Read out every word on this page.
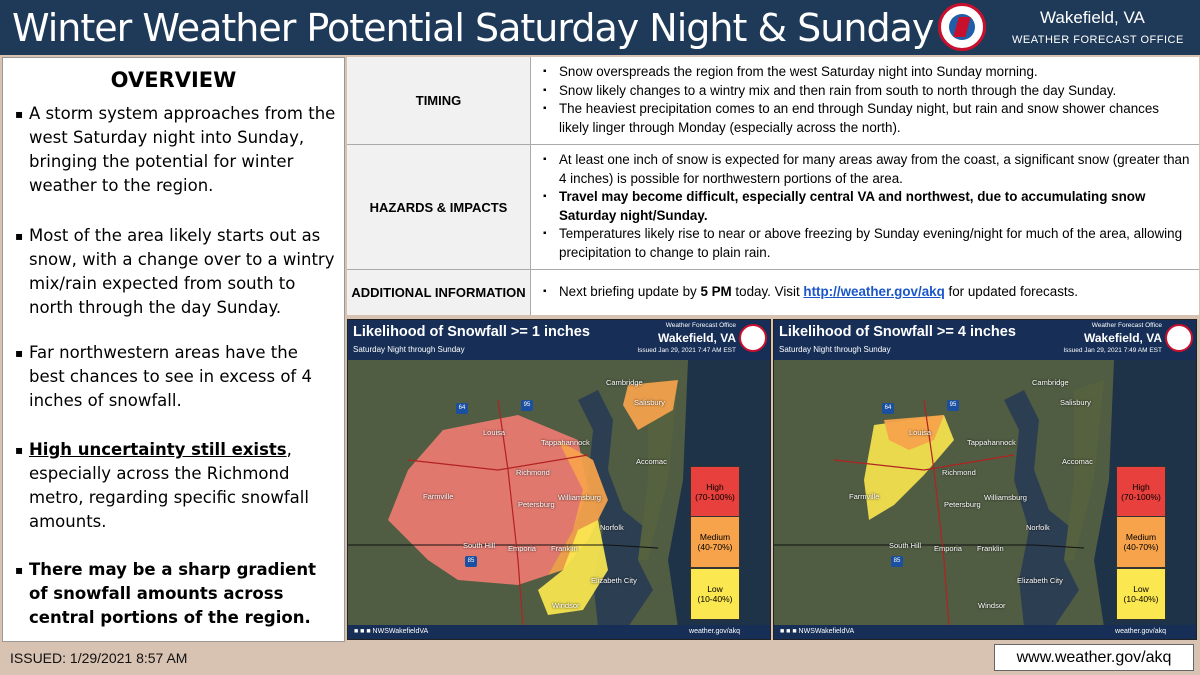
Winter Weather Potential Saturday Night & Sunday	Wakefield, VA
WEATHER FORECAST OFFICE
OVERVIEW
▪ A storm system approaches from the west Saturday night into Sunday, bringing the potential for winter weather to the region.
▪ Most of the area likely starts out as snow, with a change over to a wintry mix/rain expected from south to north through the day Sunday.
▪ Far northwestern areas have the best chances to see in excess of 4 inches of snowfall.
▪ High uncertainty still exists, especially across the Richmond metro, regarding specific snowfall amounts.
▪ There may be a sharp gradient of snowfall amounts across central portions of the region.
TIMING
▪ Snow overspreads the region from the west Saturday night into Sunday morning.
▪ Snow likely changes to a wintry mix and then rain from south to north through the day Sunday.
▪ The heaviest precipitation comes to an end through Sunday night, but rain and snow shower chances likely linger through Monday (especially across the north).
HAZARDS & IMPACTS
▪ At least one inch of snow is expected for many areas away from the coast, a significant snow (greater than 4 inches) is possible for northwestern portions of the area.
▪ Travel may become difficult, especially central VA and northwest, due to accumulating snow Saturday night/Sunday.
▪ Temperatures likely rise to near or above freezing by Sunday evening/night for much of the area, allowing precipitation to change to plain rain.
ADDITIONAL INFORMATION	▪ Next briefing update by 5 PM today. Visit http://weather.gov/akq for updated forecasts.
Likelihood of Snowfall >= 1 inches
Saturday Night through Sunday
Weather Forecast Office
Wakefield, VA
Issued Jan 29, 2021 7:47 AM EST
64	95
85
Cambridge
Salisbury
Louisa
Tappahannock
Accomac
Richmond
Farmville
Petersburg
Williamsburg
Norfolk
South Hill Emporia Franklin
Elizabeth City
Windsor
High
(70-100%)
Medium
(40-70%)
Low
(10-40%)
■ ■ ■ NWSWakefieldVA	weather.gov/akq
Likelihood of Snowfall >= 4 inches
Saturday Night through Sunday
Weather Forecast Office
Wakefield, VA
Issued Jan 29, 2021 7:49 AM EST
64	95
85
Cambridge
Salisbury
Louisa
Tappahannock
Accomac
Richmond
Farmville
Petersburg
Williamsburg
Norfolk
South Hill Emporia Franklin
Elizabeth City
Windsor
High
(70-100%)
Medium
(40-70%)
Low
(10-40%)
■ ■ ■ NWSWakefieldVA	weather.gov/akq
ISSUED: 1/29/2021 8:57 AM	www.weather.gov/akq
